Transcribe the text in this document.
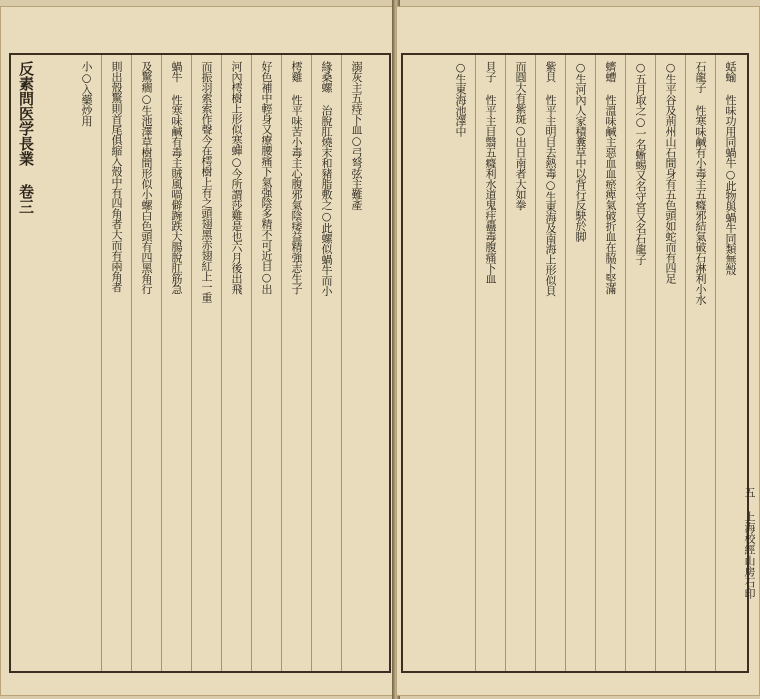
反素問医学長業 卷三	溺灰主五痔下血○弓弩弦主難產
緣桑螺 治脫肛燒末和豬脂敷之○此螺似蝸牛而小
樗雞 性平味苦小毒主心腹邪氣陰痿益精強志生子
好色補中輕身又療腰痛下氣强陰多精不可近目○出
河內樗樹上形似寒蟬○今所謂莎雞是也六月後出飛
而振羽索索作聲今在樗樹上有之頭翅黑赤翅紅上一重
蝸牛 性寒味鹹有毒主賊風喎僻踠跌大腸脫肛筋急
及驚癎○生池澤草樹間形似小螺白色頭有四黑角行
則出殼驚則首尾俱縮入殼中有四角者大而有兩角者
小○入藥炒用	蛞蝓 性味功用同蝸牛○此物與蝸牛同類無殼
石龍子 性寒味鹹有小毒主五癃邪結氣破石淋利小水
○生平谷及荊州山石間身有五色頭如蛇而有四足
○五月取之○一名蜥蜴又名守宮又名石龍子
蠐螬 性溫味鹹主惡血血瘀痺氣破折血在脇下堅滿
○生河內人家積糞草中以背行反駃於脚
紫貝 性平主明目去熱毒○生東海及南海上形似貝
而圓大有紫斑○出日南者大如拳
貝子 性平主目翳五癃利水道鬼疰蠱毒腹痛下血
○生東海池澤中
五 上海校經山房石印
